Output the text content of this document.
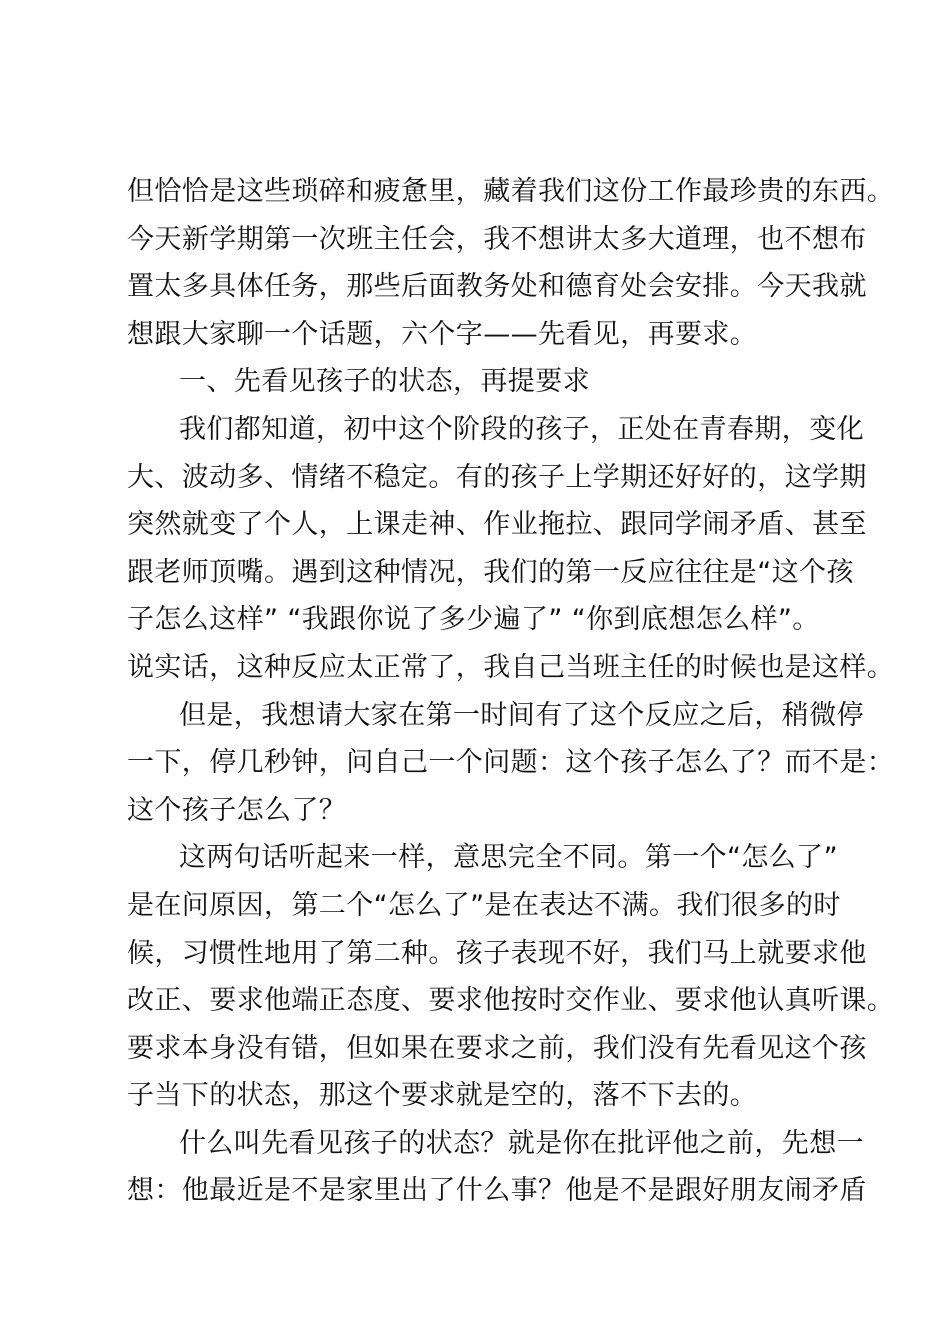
但恰恰是这些琐碎和疲惫里，藏着我们这份工作最珍贵的东西。
今天新学期第一次班主任会，我不想讲太多大道理，也不想布
置太多具体任务，那些后面教务处和德育处会安排。今天我就
想跟大家聊一个话题，六个字——先看见，再要求。
一、先看见孩子的状态，再提要求
我们都知道，初中这个阶段的孩子，正处在青春期，变化
大、波动多、情绪不稳定。有的孩子上学期还好好的，这学期
突然就变了个人，上课走神、作业拖拉、跟同学闹矛盾、甚至
跟老师顶嘴。遇到这种情况，我们的第一反应往往是“这个孩
子怎么这样” “我跟你说了多少遍了” “你到底想怎么样”。
说实话，这种反应太正常了，我自己当班主任的时候也是这样。
但是，我想请大家在第一时间有了这个反应之后，稍微停
一下，停几秒钟，问自己一个问题：这个孩子怎么了？而不是：
这个孩子怎么了？
这两句话听起来一样，意思完全不同。第一个“怎么了”
是在问原因，第二个“怎么了”是在表达不满。我们很多的时
候，习惯性地用了第二种。孩子表现不好，我们马上就要求他
改正、要求他端正态度、要求他按时交作业、要求他认真听课。
要求本身没有错，但如果在要求之前，我们没有先看见这个孩
子当下的状态，那这个要求就是空的，落不下去的。
什么叫先看见孩子的状态？就是你在批评他之前，先想一
想：他最近是不是家里出了什么事？他是不是跟好朋友闹矛盾
